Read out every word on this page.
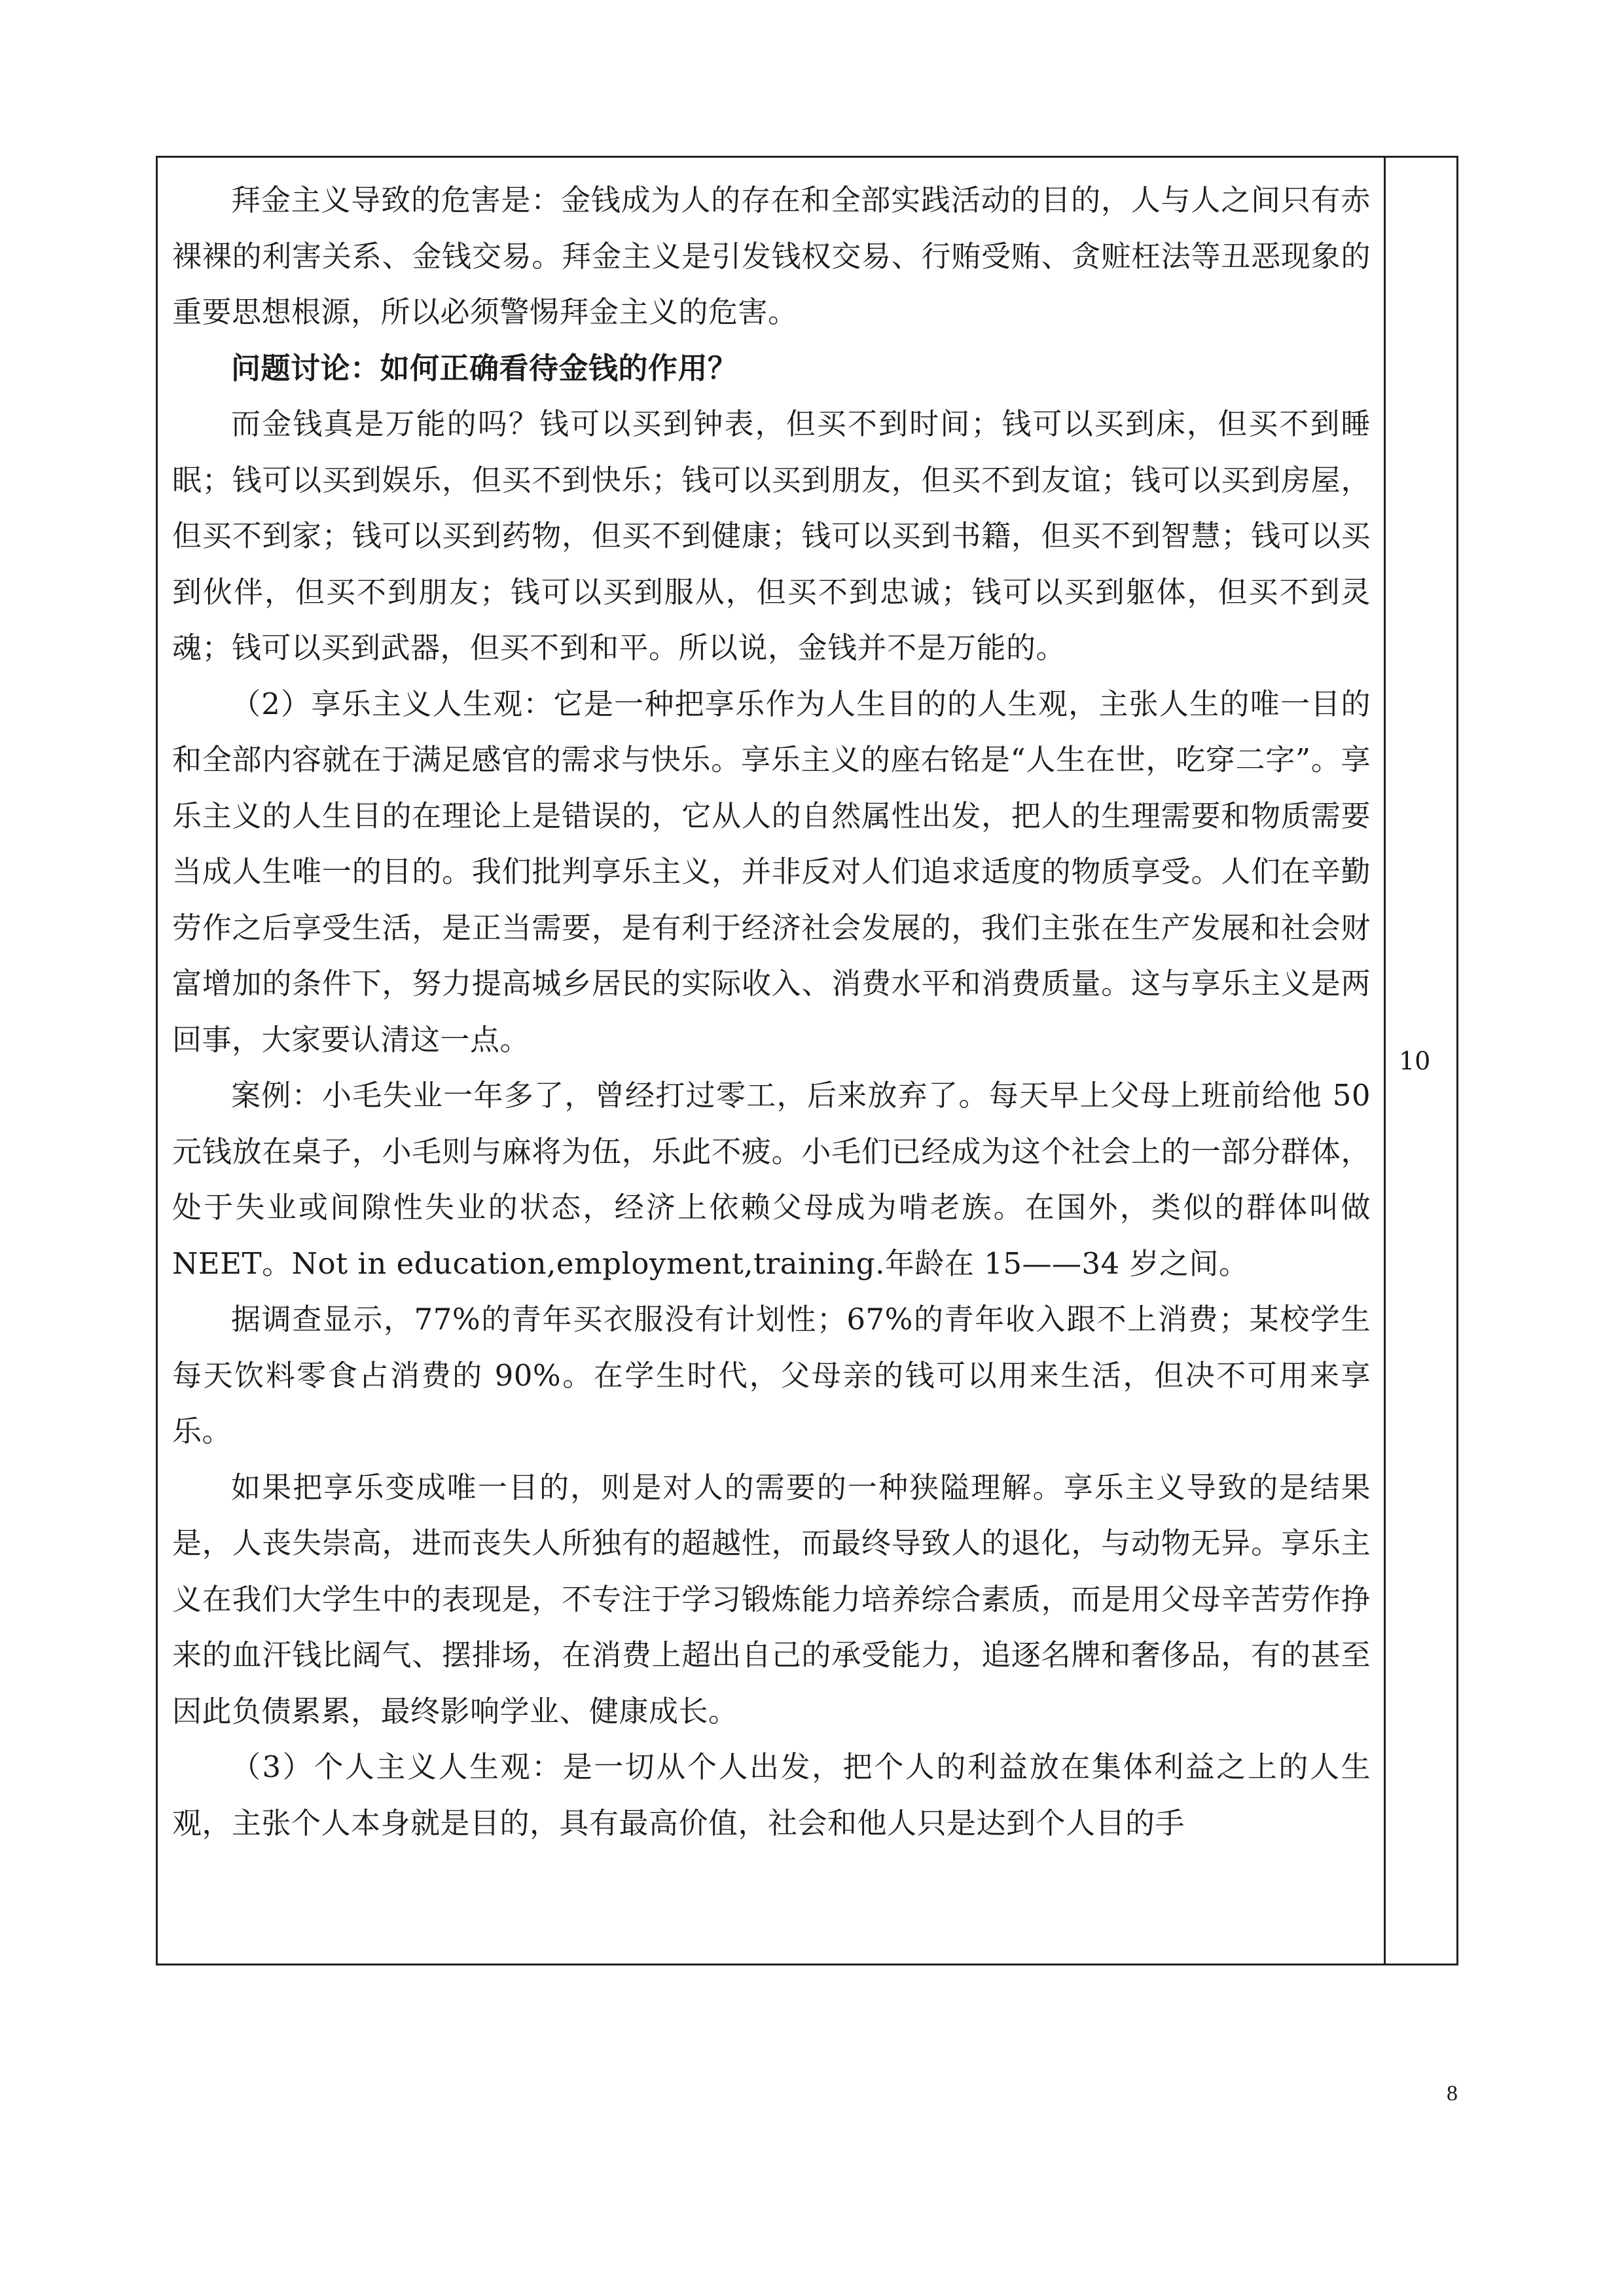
拜金主义导致的危害是：金钱成为人的存在和全部实践活动的目的，人与人之间只有赤裸裸的利害关系、金钱交易。拜金主义是引发钱权交易、行贿受贿、贪赃枉法等丑恶现象的重要思想根源，所以必须警惕拜金主义的危害。

问题讨论：如何正确看待金钱的作用？

而金钱真是万能的吗？钱可以买到钟表，但买不到时间；钱可以买到床，但买不到睡眠；钱可以买到娱乐，但买不到快乐；钱可以买到朋友，但买不到友谊；钱可以买到房屋，但买不到家；钱可以买到药物，但买不到健康；钱可以买到书籍，但买不到智慧；钱可以买到伙伴，但买不到朋友；钱可以买到服从，但买不到忠诚；钱可以买到躯体，但买不到灵魂；钱可以买到武器，但买不到和平。所以说，金钱并不是万能的。

（2）享乐主义人生观：它是一种把享乐作为人生目的的人生观，主张人生的唯一目的和全部内容就在于满足感官的需求与快乐。享乐主义的座右铭是“人生在世，吃穿二字”。享乐主义的人生目的在理论上是错误的，它从人的自然属性出发，把人的生理需要和物质需要当成人生唯一的目的。我们批判享乐主义，并非反对人们追求适度的物质享受。人们在辛勤劳作之后享受生活，是正当需要，是有利于经济社会发展的，我们主张在生产发展和社会财富增加的条件下，努力提高城乡居民的实际收入、消费水平和消费质量。这与享乐主义是两回事，大家要认清这一点。

案例：小毛失业一年多了，曾经打过零工，后来放弃了。每天早上父母上班前给他 50 元钱放在桌子，小毛则与麻将为伍，乐此不疲。小毛们已经成为这个社会上的一部分群体，处于失业或间隙性失业的状态，经济上依赖父母成为啃老族。在国外，类似的群体叫做 NEET。Not in education,employment,training.年龄在 15——34 岁之间。

据调查显示，77%的青年买衣服没有计划性；67%的青年收入跟不上消费；某校学生每天饮料零食占消费的 90%。在学生时代，父母亲的钱可以用来生活，但决不可用来享乐。

如果把享乐变成唯一目的，则是对人的需要的一种狭隘理解。享乐主义导致的是结果是，人丧失崇高，进而丧失人所独有的超越性，而最终导致人的退化，与动物无异。享乐主义在我们大学生中的表现是，不专注于学习锻炼能力培养综合素质，而是用父母辛苦劳作挣来的血汗钱比阔气、摆排场，在消费上超出自己的承受能力，追逐名牌和奢侈品，有的甚至因此负债累累，最终影响学业、健康成长。

（3）个人主义人生观：是一切从个人出发，把个人的利益放在集体利益之上的人生观，主张个人本身就是目的，具有最高价值，社会和他人只是达到个人目的手

10
8
